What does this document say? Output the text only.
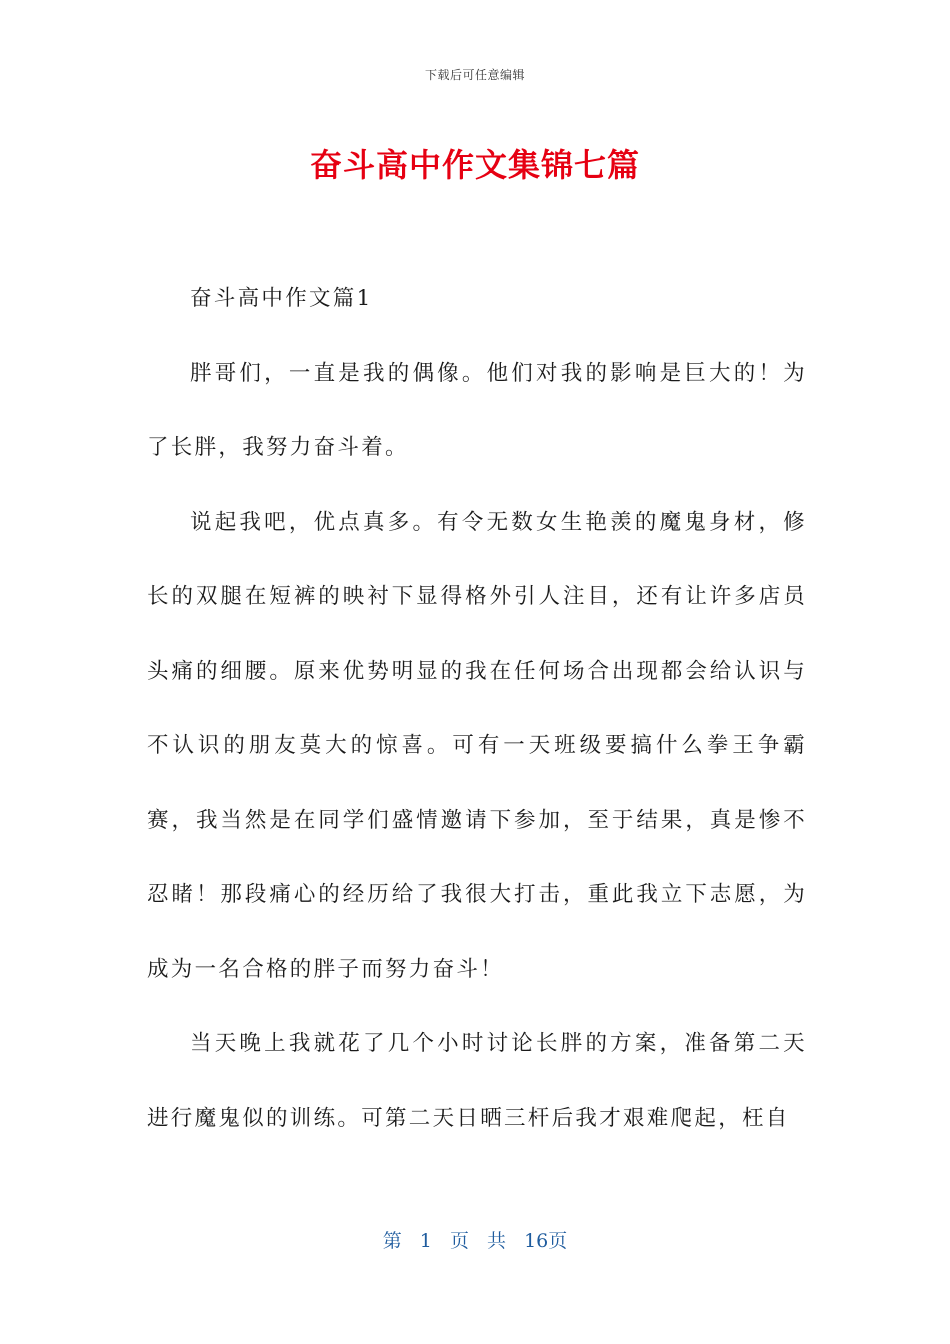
下载后可任意编辑
奋斗高中作文集锦七篇

奋斗高中作文篇1

胖哥们，一直是我的偶像。他们对我的影响是巨大的！为了长胖，我努力奋斗着。

说起我吧，优点真多。有令无数女生艳羡的魔鬼身材，修长的双腿在短裤的映衬下显得格外引人注目，还有让许多店员头痛的细腰。原来优势明显的我在任何场合出现都会给认识与不认识的朋友莫大的惊喜。可有一天班级要搞什么拳王争霸赛，我当然是在同学们盛情邀请下参加，至于结果，真是惨不忍睹！那段痛心的经历给了我很大打击，重此我立下志愿，为成为一名合格的胖子而努力奋斗！

当天晚上我就花了几个小时讨论长胖的方案，准备第二天进行魔鬼似的训练。可第二天日晒三杆后我才艰难爬起，枉自

第 1 页 共 16页
